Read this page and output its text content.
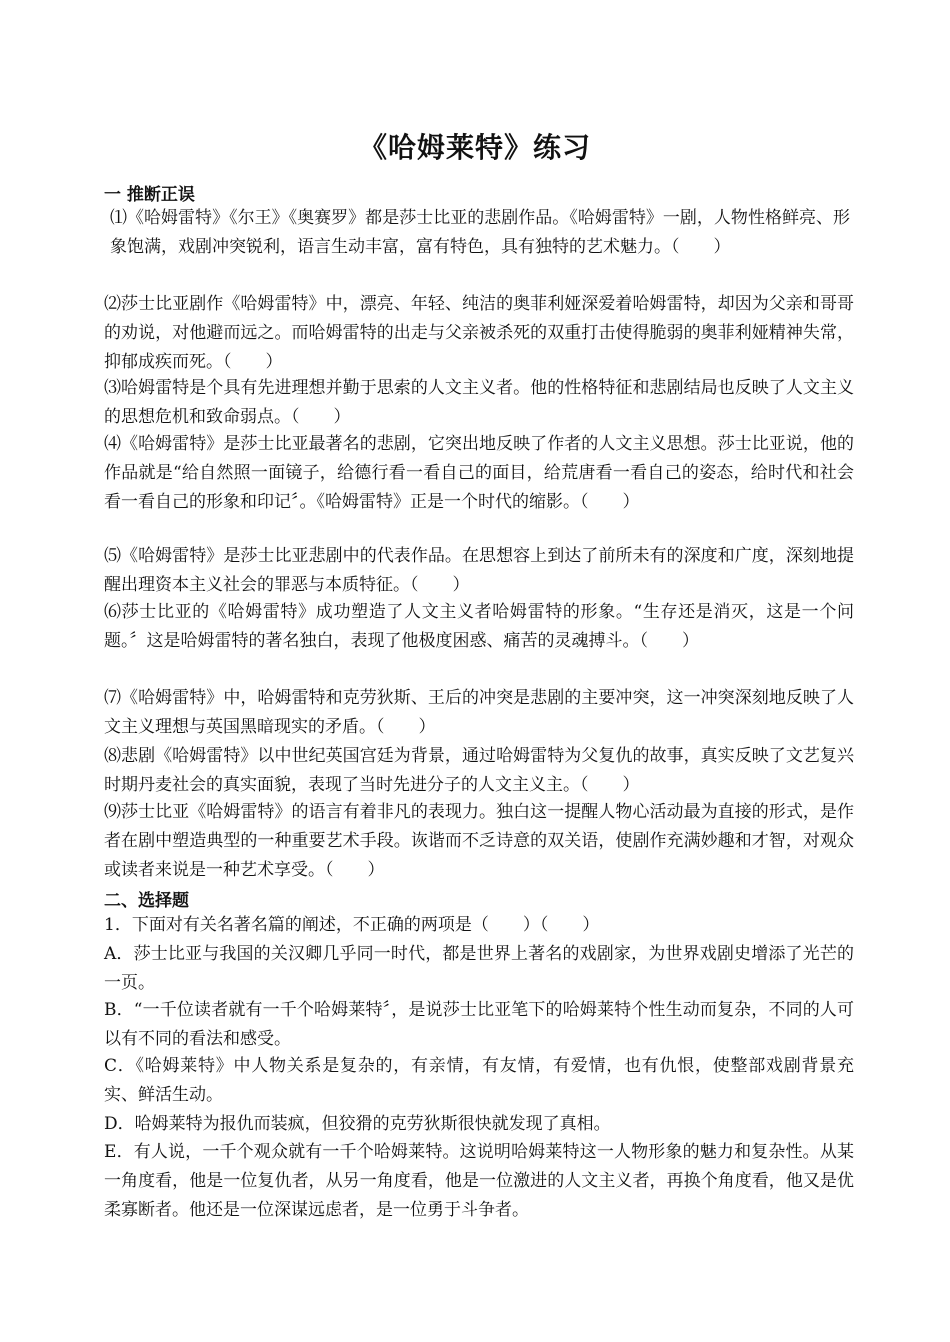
《哈姆莱特》练习
一 推断正误
⑴《哈姆雷特》《尔王》《奥赛罗》都是莎士比亚的悲剧作品。《哈姆雷特》一剧，人物性格鲜亮、形象饱满，戏剧冲突锐利，语言生动丰富，富有特色，具有独特的艺术魅力。（　　）
⑵莎士比亚剧作《哈姆雷特》中，漂亮、年轻、纯洁的奥菲利娅深爱着哈姆雷特，却因为父亲和哥哥的劝说，对他避而远之。而哈姆雷特的出走与父亲被杀死的双重打击使得脆弱的奥菲利娅精神失常，抑郁成疾而死。（　　）
⑶哈姆雷特是个具有先进理想并勤于思索的人文主义者。他的性格特征和悲剧结局也反映了人文主义的思想危机和致命弱点。（　　）
⑷《哈姆雷特》是莎士比亚最著名的悲剧，它突出地反映了作者的人文主义思想。莎士比亚说，他的作品就是“给自然照一面镜子，给德行看一看自己的面目，给荒唐看一看自己的姿态，给时代和社会看一看自己的形象和印记〞。《哈姆雷特》正是一个时代的缩影。（　　）
⑸《哈姆雷特》是莎士比亚悲剧中的代表作品。在思想容上到达了前所未有的深度和广度，深刻地提醒出理资本主义社会的罪恶与本质特征。（　　）
⑹莎士比亚的《哈姆雷特》成功塑造了人文主义者哈姆雷特的形象。“生存还是消灭，这是一个问题。〞这是哈姆雷特的著名独白，表现了他极度困惑、痛苦的灵魂搏斗。（　　）
⑺《哈姆雷特》中，哈姆雷特和克劳狄斯、王后的冲突是悲剧的主要冲突，这一冲突深刻地反映了人文主义理想与英国黑暗现实的矛盾。（　　）
⑻悲剧《哈姆雷特》以中世纪英国宫廷为背景，通过哈姆雷特为父复仇的故事，真实反映了文艺复兴时期丹麦社会的真实面貌，表现了当时先进分子的人文主义主。（　　）
⑼莎士比亚《哈姆雷特》的语言有着非凡的表现力。独白这一提醒人物心活动最为直接的形式，是作者在剧中塑造典型的一种重要艺术手段。诙谐而不乏诗意的双关语，使剧作充满妙趣和才智，对观众或读者来说是一种艺术享受。（　　）
二、选择题
1．下面对有关名著名篇的阐述，不正确的两项是（　　）（　　）
A．莎士比亚与我国的关汉卿几乎同一时代，都是世界上著名的戏剧家，为世界戏剧史增添了光芒的一页。
B．“一千位读者就有一千个哈姆莱特〞，是说莎士比亚笔下的哈姆莱特个性生动而复杂，不同的人可以有不同的看法和感受。
C．《哈姆莱特》中人物关系是复杂的，有亲情，有友情，有爱情，也有仇恨，使整部戏剧背景充实、鲜活生动。
D．哈姆莱特为报仇而装疯，但狡猾的克劳狄斯很快就发现了真相。
E．有人说，一千个观众就有一千个哈姆莱特。这说明哈姆莱特这一人物形象的魅力和复杂性。从某一角度看，他是一位复仇者，从另一角度看，他是一位激进的人文主义者，再换个角度看，他又是优柔寡断者。他还是一位深谋远虑者，是一位勇于斗争者。
